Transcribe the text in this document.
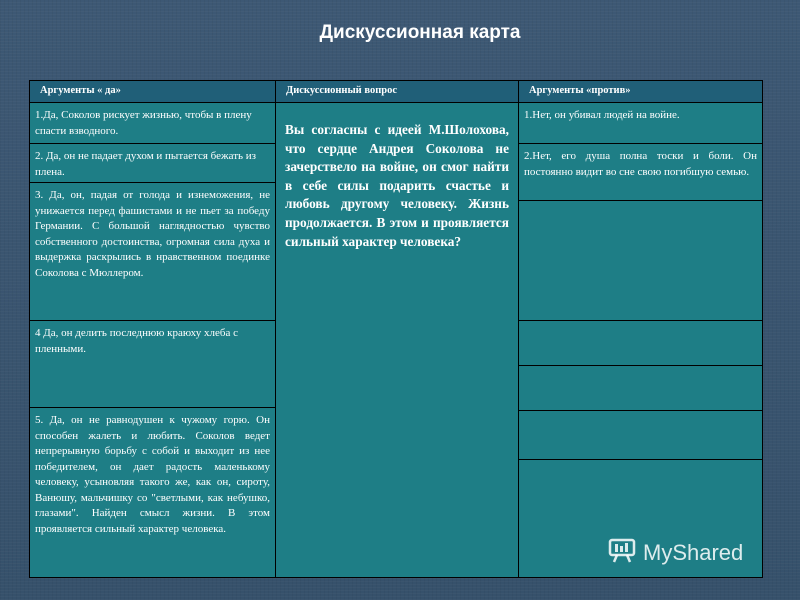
Дискуссионная карта
Аргументы « да»	Дискуссионный вопрос	Аргументы «против»
1.Да, Соколов рискует жизнью, чтобы в плену спасти взводного.
2. Да, он не падает духом и пытается бежать из плена.
3. Да, он, падая от голода и изнеможения, не унижается перед фашистами и не пьет за победу Германии. С большой наглядностью чувство собственного достоинства, огромная сила духа и выдержка раскрылись в нравственном поединке Соколова с Мюллером.
4 Да, он делить последнюю краюху хлеба с пленными.
5. Да, он не равнодушен к чужому горю. Он способен жалеть и любить. Соколов ведет непрерывную борьбу с собой и выходит из нее победителем, он дает радость маленькому человеку, усыновляя такого же, как он, сироту, Ванюшу, мальчишку со "светлыми, как небушко, глазами". Найден смысл жизни. В этом проявляется сильный характер человека.
Вы согласны с идеей М.Шолохова, что сердце Андрея Соколова не зачерствело на войне, он смог найти в себе силы подарить счастье и любовь другому человеку. Жизнь продолжается. В этом и проявляется сильный характер человека?
1.Нет, он убивал людей на войне.
2.Нет, его душа полна тоски и боли. Он постоянно видит во сне свою погибшую семью.
MyShared
